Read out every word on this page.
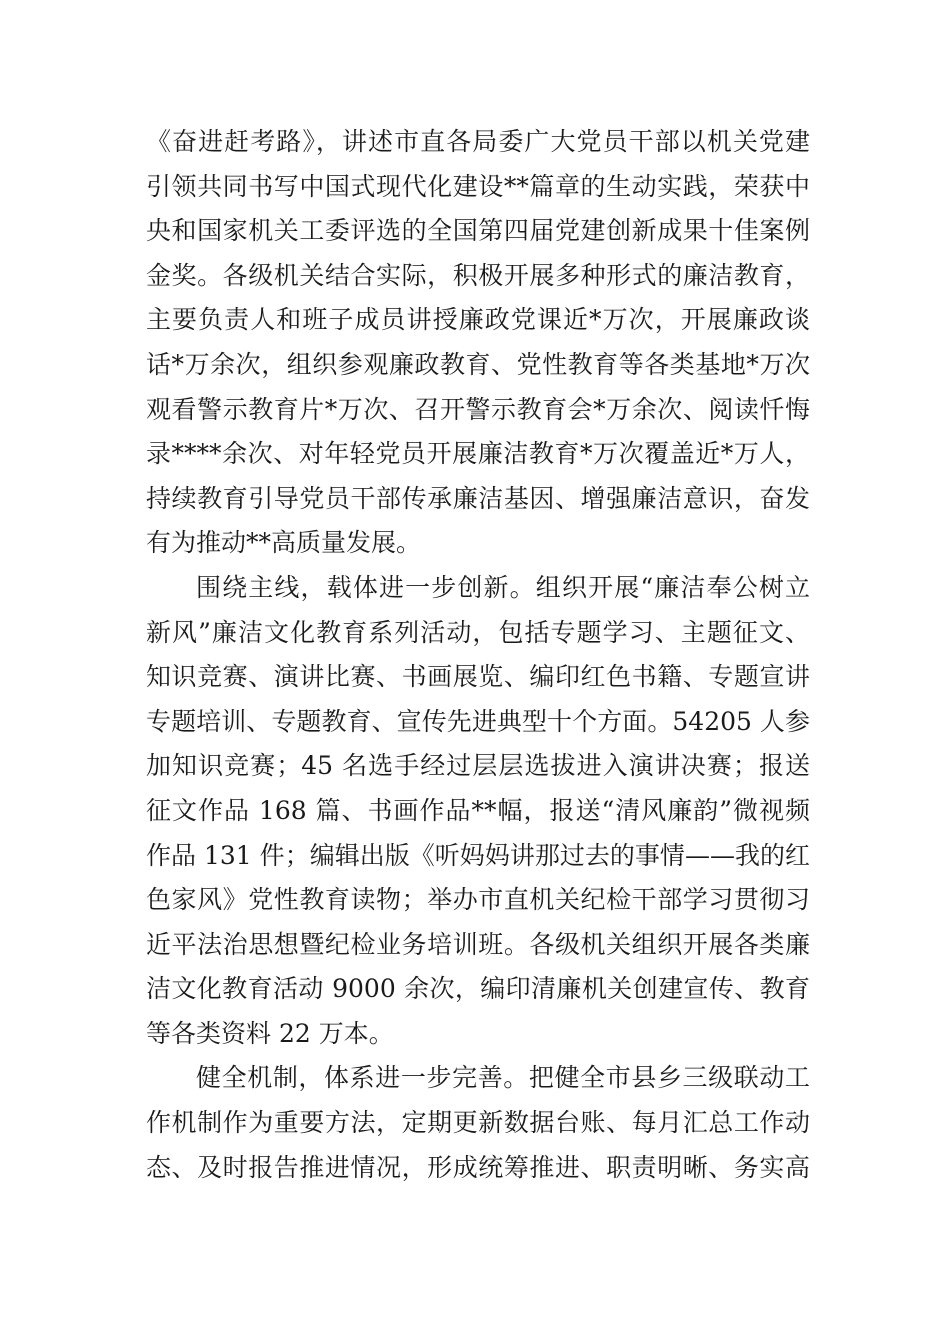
《奋进赶考路》，讲述市直各局委广大党员干部以机关党建
引领共同书写中国式现代化建设**篇章的生动实践，荣获中
央和国家机关工委评选的全国第四届党建创新成果十佳案例
金奖。各级机关结合实际，积极开展多种形式的廉洁教育，
主要负责人和班子成员讲授廉政党课近*万次，开展廉政谈
话*万余次，组织参观廉政教育、党性教育等各类基地*万次
观看警示教育片*万次、召开警示教育会*万余次、阅读忏悔
录****余次、对年轻党员开展廉洁教育*万次覆盖近*万人，
持续教育引导党员干部传承廉洁基因、增强廉洁意识，奋发
有为推动**高质量发展。
围绕主线，载体进一步创新。组织开展“廉洁奉公树立
新风”廉洁文化教育系列活动，包括专题学习、主题征文、
知识竞赛、演讲比赛、书画展览、编印红色书籍、专题宣讲
专题培训、专题教育、宣传先进典型十个方面。54205 人参
加知识竞赛；45 名选手经过层层选拔进入演讲决赛；报送
征文作品 168 篇、书画作品**幅，报送“清风廉韵”微视频
作品 131 件；编辑出版《听妈妈讲那过去的事情——我的红
色家风》党性教育读物；举办市直机关纪检干部学习贯彻习
近平法治思想暨纪检业务培训班。各级机关组织开展各类廉
洁文化教育活动 9000 余次，编印清廉机关创建宣传、教育
等各类资料 22 万本。
健全机制，体系进一步完善。把健全市县乡三级联动工
作机制作为重要方法，定期更新数据台账、每月汇总工作动
态、及时报告推进情况，形成统筹推进、职责明晰、务实高
